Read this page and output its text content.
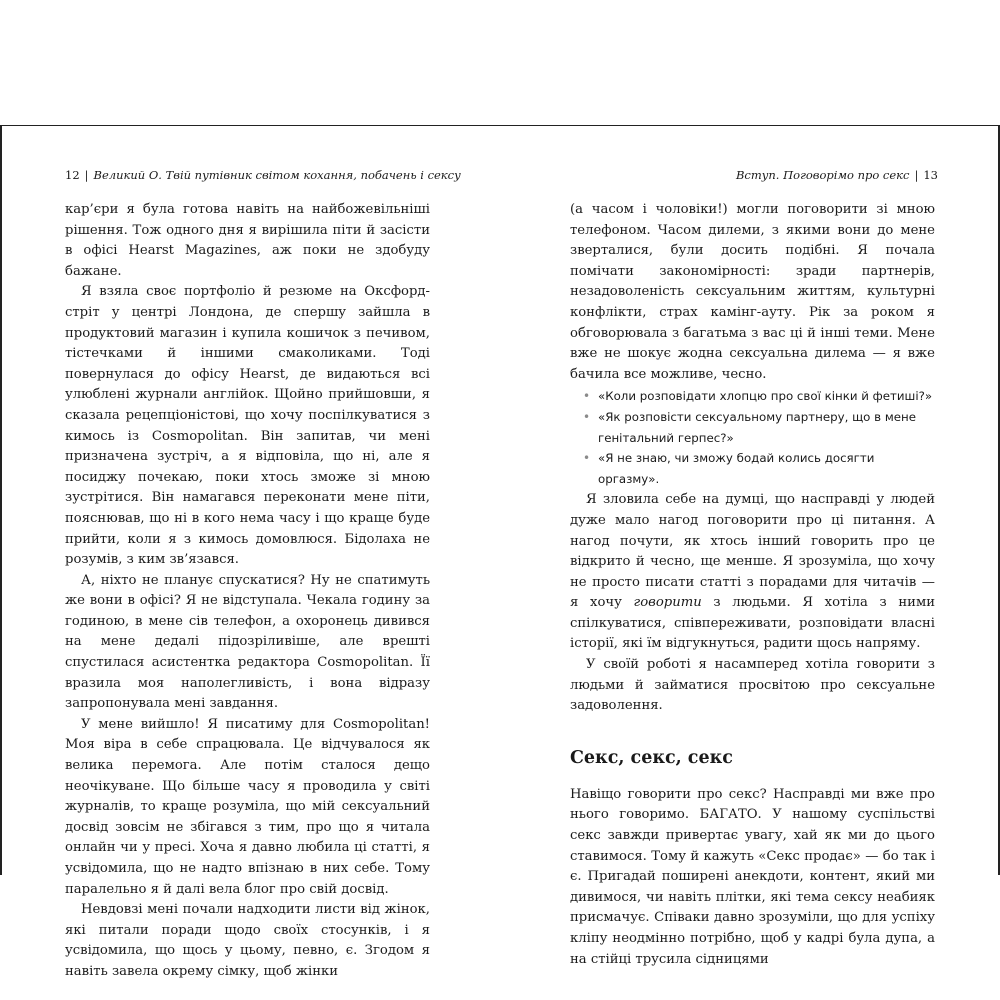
12 | Великий О. Твій путівник світом кохання, побачень і сексу	Вступ. Поговорімо про секс | 13

кар’єри я була готова навіть на найбожевільніші рішення. Тож одного дня я вирішила піти й засісти в офісі Hearst Magazines, аж поки не здобуду бажане.

Я взяла своє портфоліо й резюме на Оксфорд-стріт у центрі Лондона, де спершу зайшла в продуктовий магазин і купила кошичок з печивом, тістечками й іншими смаколиками. Тоді повернулася до офісу Hearst, де видаються всі улюблені журнали англійок. Щойно прийшовши, я сказала рецепціоністові, що хочу поспілкуватися з кимось із Cosmopolitan. Він запитав, чи мені призначена зустріч, а я відповіла, що ні, але я посиджу почекаю, поки хтось зможе зі мною зустрітися. Він намагався переконати мене піти, пояснював, що ні в кого нема часу і що краще буде прийти, коли я з кимось домовлюся. Бідолаха не розумів, з ким зв’язався.

А, ніхто не планує спускатися? Ну не спатимуть же вони в офісі? Я не відступала. Чекала годину за годиною, в мене сів телефон, а охоронець дивився на мене дедалі підозріливіше, але врешті спустилася асистентка редактора Cosmopolitan. Її вразила моя наполегливість, і вона відразу запропонувала мені завдання.

У мене вийшло! Я писатиму для Cosmopolitan! Моя віра в себе спрацювала. Це відчувалося як велика перемога. Але потім сталося дещо неочікуване. Що більше часу я проводила у світі журналів, то краще розуміла, що мій сексуальний досвід зовсім не збігався з тим, про що я читала онлайн чи у пресі. Хоча я давно любила ці статті, я усвідомила, що не надто впізнаю в них себе. Тому паралельно я й далі вела блог про свій досвід.

Невдовзі мені почали надходити листи від жінок, які питали поради щодо своїх стосунків, і я усвідомила, що щось у цьому, певно, є. Згодом я навіть завела окрему сімку, щоб жінки

(а часом і чоловіки!) могли поговорити зі мною телефоном. Часом дилеми, з якими вони до мене зверталися, були досить подібні. Я почала помічати закономірності: зради партнерів, незадоволеність сексуальним життям, культурні конфлікти, страх камінг-ауту. Рік за роком я обговорювала з багатьма з вас ці й інші теми. Мене вже не шокує жодна сексуальна дилема — я вже бачила все можливе, чесно.

• «Коли розповідати хлопцю про свої кінки й фетиші?»
• «Як розповісти сексуальному партнеру, що в мене генітальний герпес?»
• «Я не знаю, чи зможу бодай колись досягти оргазму».

Я зловила себе на думці, що насправді у людей дуже мало нагод поговорити про ці питання. А нагод почути, як хтось інший говорить про це відкрито й чесно, ще менше. Я зрозуміла, що хочу не просто писати статті з порадами для читачів — я хочу говорити з людьми. Я хотіла з ними спілкуватися, співпереживати, розповідати власні історії, які їм відгукнуться, радити щось напряму.

У своїй роботі я насамперед хотіла говорити з людьми й займатися просвітою про сексуальне задоволення.

Секс, секс, секс

Навіщо говорити про секс? Насправді ми вже про нього говоримо. БАГАТО. У нашому суспільстві секс завжди привертає увагу, хай як ми до цього ставимося. Тому й кажуть «Секс продає» — бо так і є. Пригадай поширені анекдоти, контент, який ми дивимося, чи навіть плітки, які тема сексу неабияк присмачує. Співаки давно зрозуміли, що для успіху кліпу неодмінно потрібно, щоб у кадрі була дупа, а на стійці трусила сідницями
